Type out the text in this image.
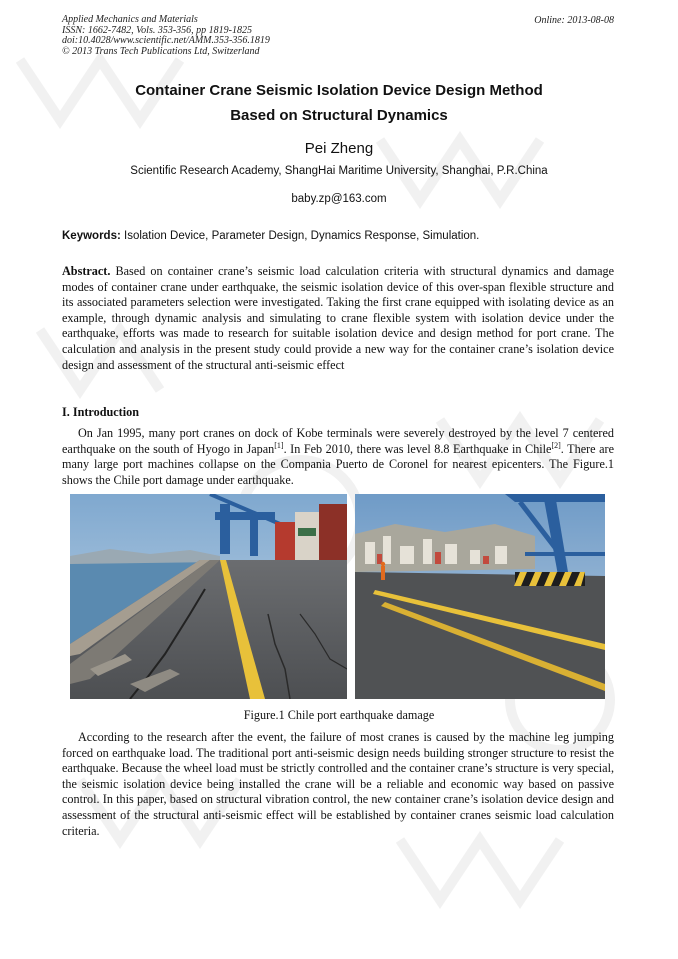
Applied Mechanics and Materials
ISSN: 1662-7482, Vols. 353-356, pp 1819-1825
doi:10.4028/www.scientific.net/AMM.353-356.1819
© 2013 Trans Tech Publications Ltd, Switzerland
Online: 2013-08-08
Container Crane Seismic Isolation Device Design Method
Based on Structural Dynamics
Pei Zheng
Scientific Research Academy, ShangHai Maritime University, Shanghai, P.R.China
baby.zp@163.com
Keywords: Isolation Device, Parameter Design, Dynamics Response, Simulation.

Abstract. Based on container crane’s seismic load calculation criteria with structural dynamics and damage modes of container crane under earthquake, the seismic isolation device of this over-span flexible structure and its associated parameters selection were investigated. Taking the first crane equipped with isolating device as an example, through dynamic analysis and simulating to crane flexible system with isolation device under the earthquake, efforts was made to research for suitable isolation device and design method for port crane. The calculation and analysis in the present study could provide a new way for the container crane’s isolation device design and assessment of the structural anti-seismic effect

I. Introduction

On Jan 1995, many port cranes on dock of Kobe terminals were severely destroyed by the level 7 centered earthquake on the south of Hyogo in Japan[1]. In Feb 2010, there was level 8.8 Earthquake in Chile[2]. There are many large port machines collapse on the Compania Puerto de Coronel for nearest epicenters. The Figure.1 shows the Chile port damage under earthquake.

Figure.1 Chile port earthquake damage

According to the research after the event, the failure of most cranes is caused by the machine leg jumping forced on earthquake load. The traditional port anti-seismic design needs building stronger structure to resist the earthquake. Because the wheel load must be strictly controlled and the container crane’s structure is very special, the seismic isolation device being installed the crane will be a reliable and economic way based on passive control. In this paper, based on structural vibration control, the new container crane’s isolation device design and assessment of the structural anti-seismic effect will be established by container cranes seismic load calculation criteria.
